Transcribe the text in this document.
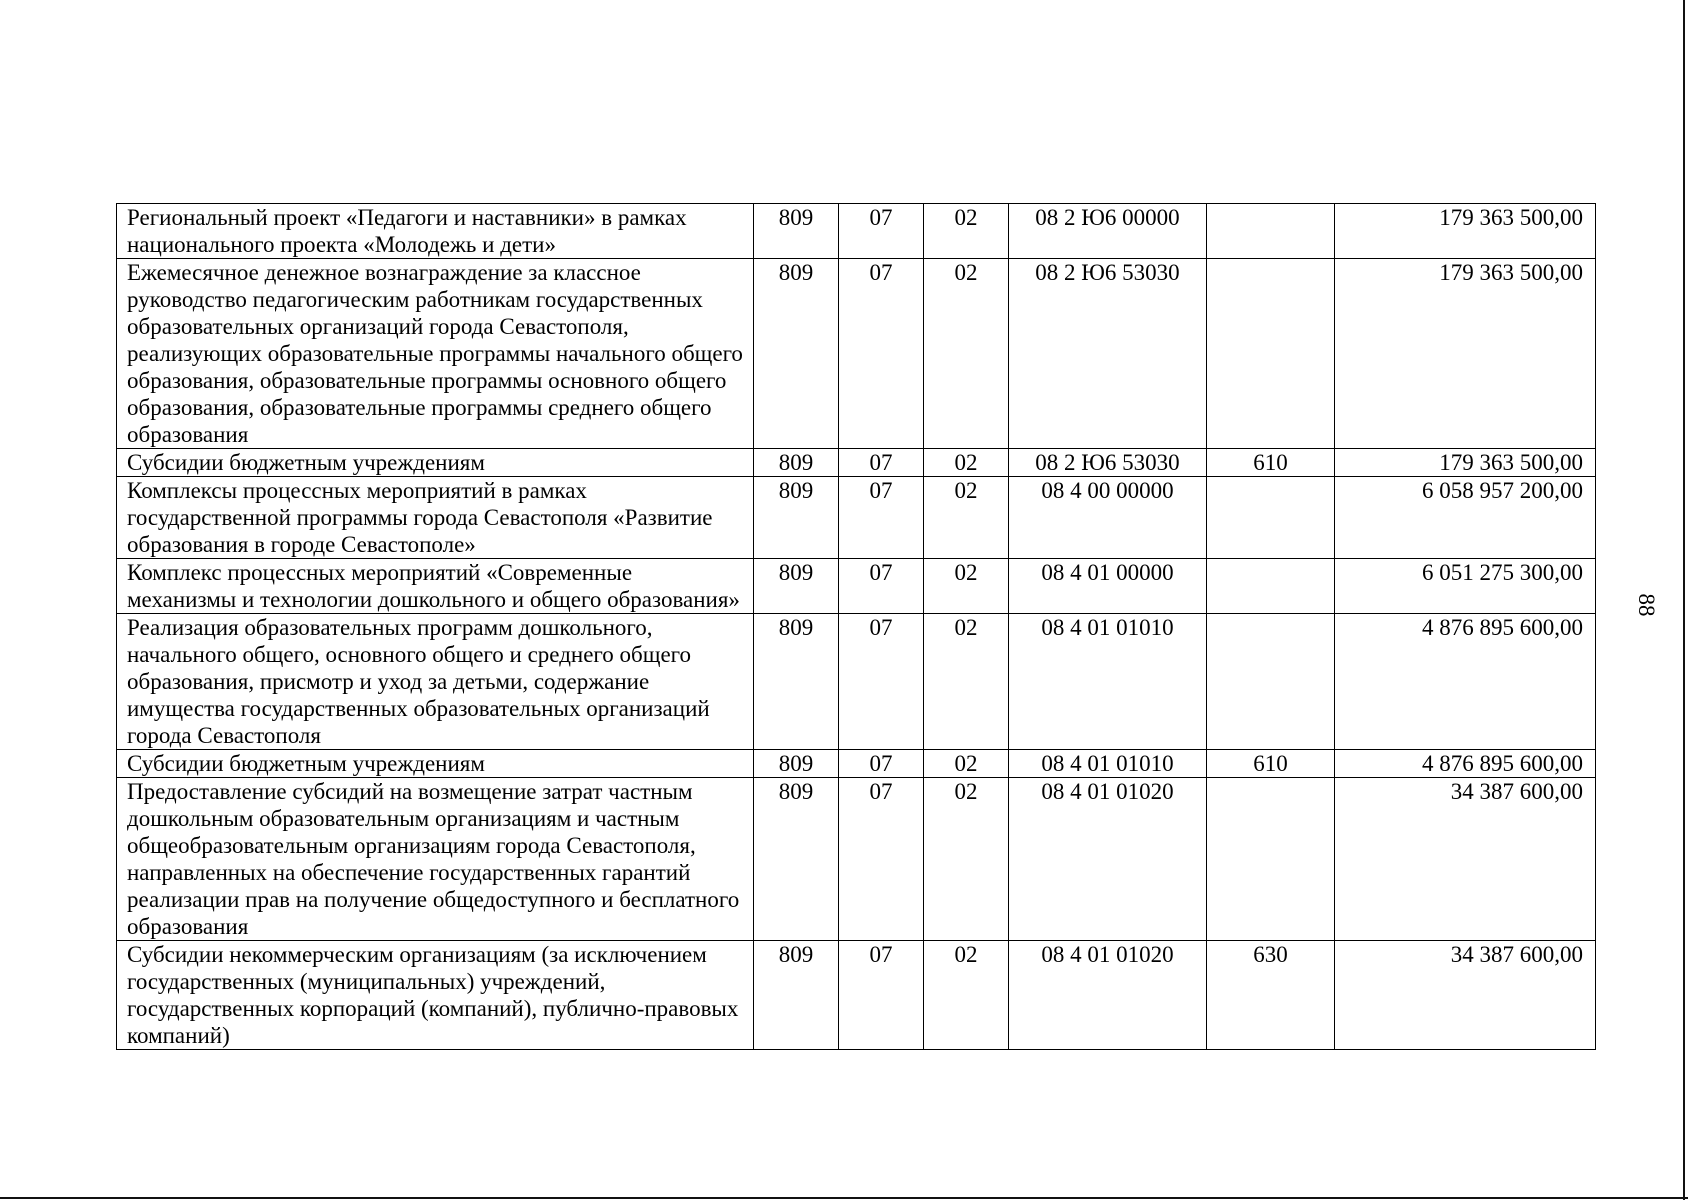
Региональный проект «Педагоги и наставники» в рамках национального проекта «Молодежь и дети»	809	07	02	08 2 Ю6 00000		179 363 500,00
Ежемесячное денежное вознаграждение за классное руководство педагогическим работникам государственных образовательных организаций города Севастополя, реализующих образовательные программы начального общего образования, образовательные программы основного общего образования, образовательные программы среднего общего образования	809	07	02	08 2 Ю6 53030		179 363 500,00
Субсидии бюджетным учреждениям	809	07	02	08 2 Ю6 53030	610	179 363 500,00
Комплексы процессных мероприятий в рамках государственной программы города Севастополя «Развитие образования в городе Севастополе»	809	07	02	08 4 00 00000		6 058 957 200,00
Комплекс процессных мероприятий «Современные механизмы и технологии дошкольного и общего образования»	809	07	02	08 4 01 00000		6 051 275 300,00
Реализация образовательных программ дошкольного, начального общего, основного общего и среднего общего образования, присмотр и уход за детьми, содержание имущества государственных образовательных организаций города Севастополя	809	07	02	08 4 01 01010		4 876 895 600,00
Субсидии бюджетным учреждениям	809	07	02	08 4 01 01010	610	4 876 895 600,00
Предоставление субсидий на возмещение затрат частным дошкольным образовательным организациям и частным общеобразовательным организациям города Севастополя, направленных на обеспечение государственных гарантий реализации прав на получение общедоступного и бесплатного образования	809	07	02	08 4 01 01020		34 387 600,00
Субсидии некоммерческим организациям (за исключением государственных (муниципальных) учреждений, государственных корпораций (компаний), публично-правовых компаний)	809	07	02	08 4 01 01020	630	34 387 600,00
88
